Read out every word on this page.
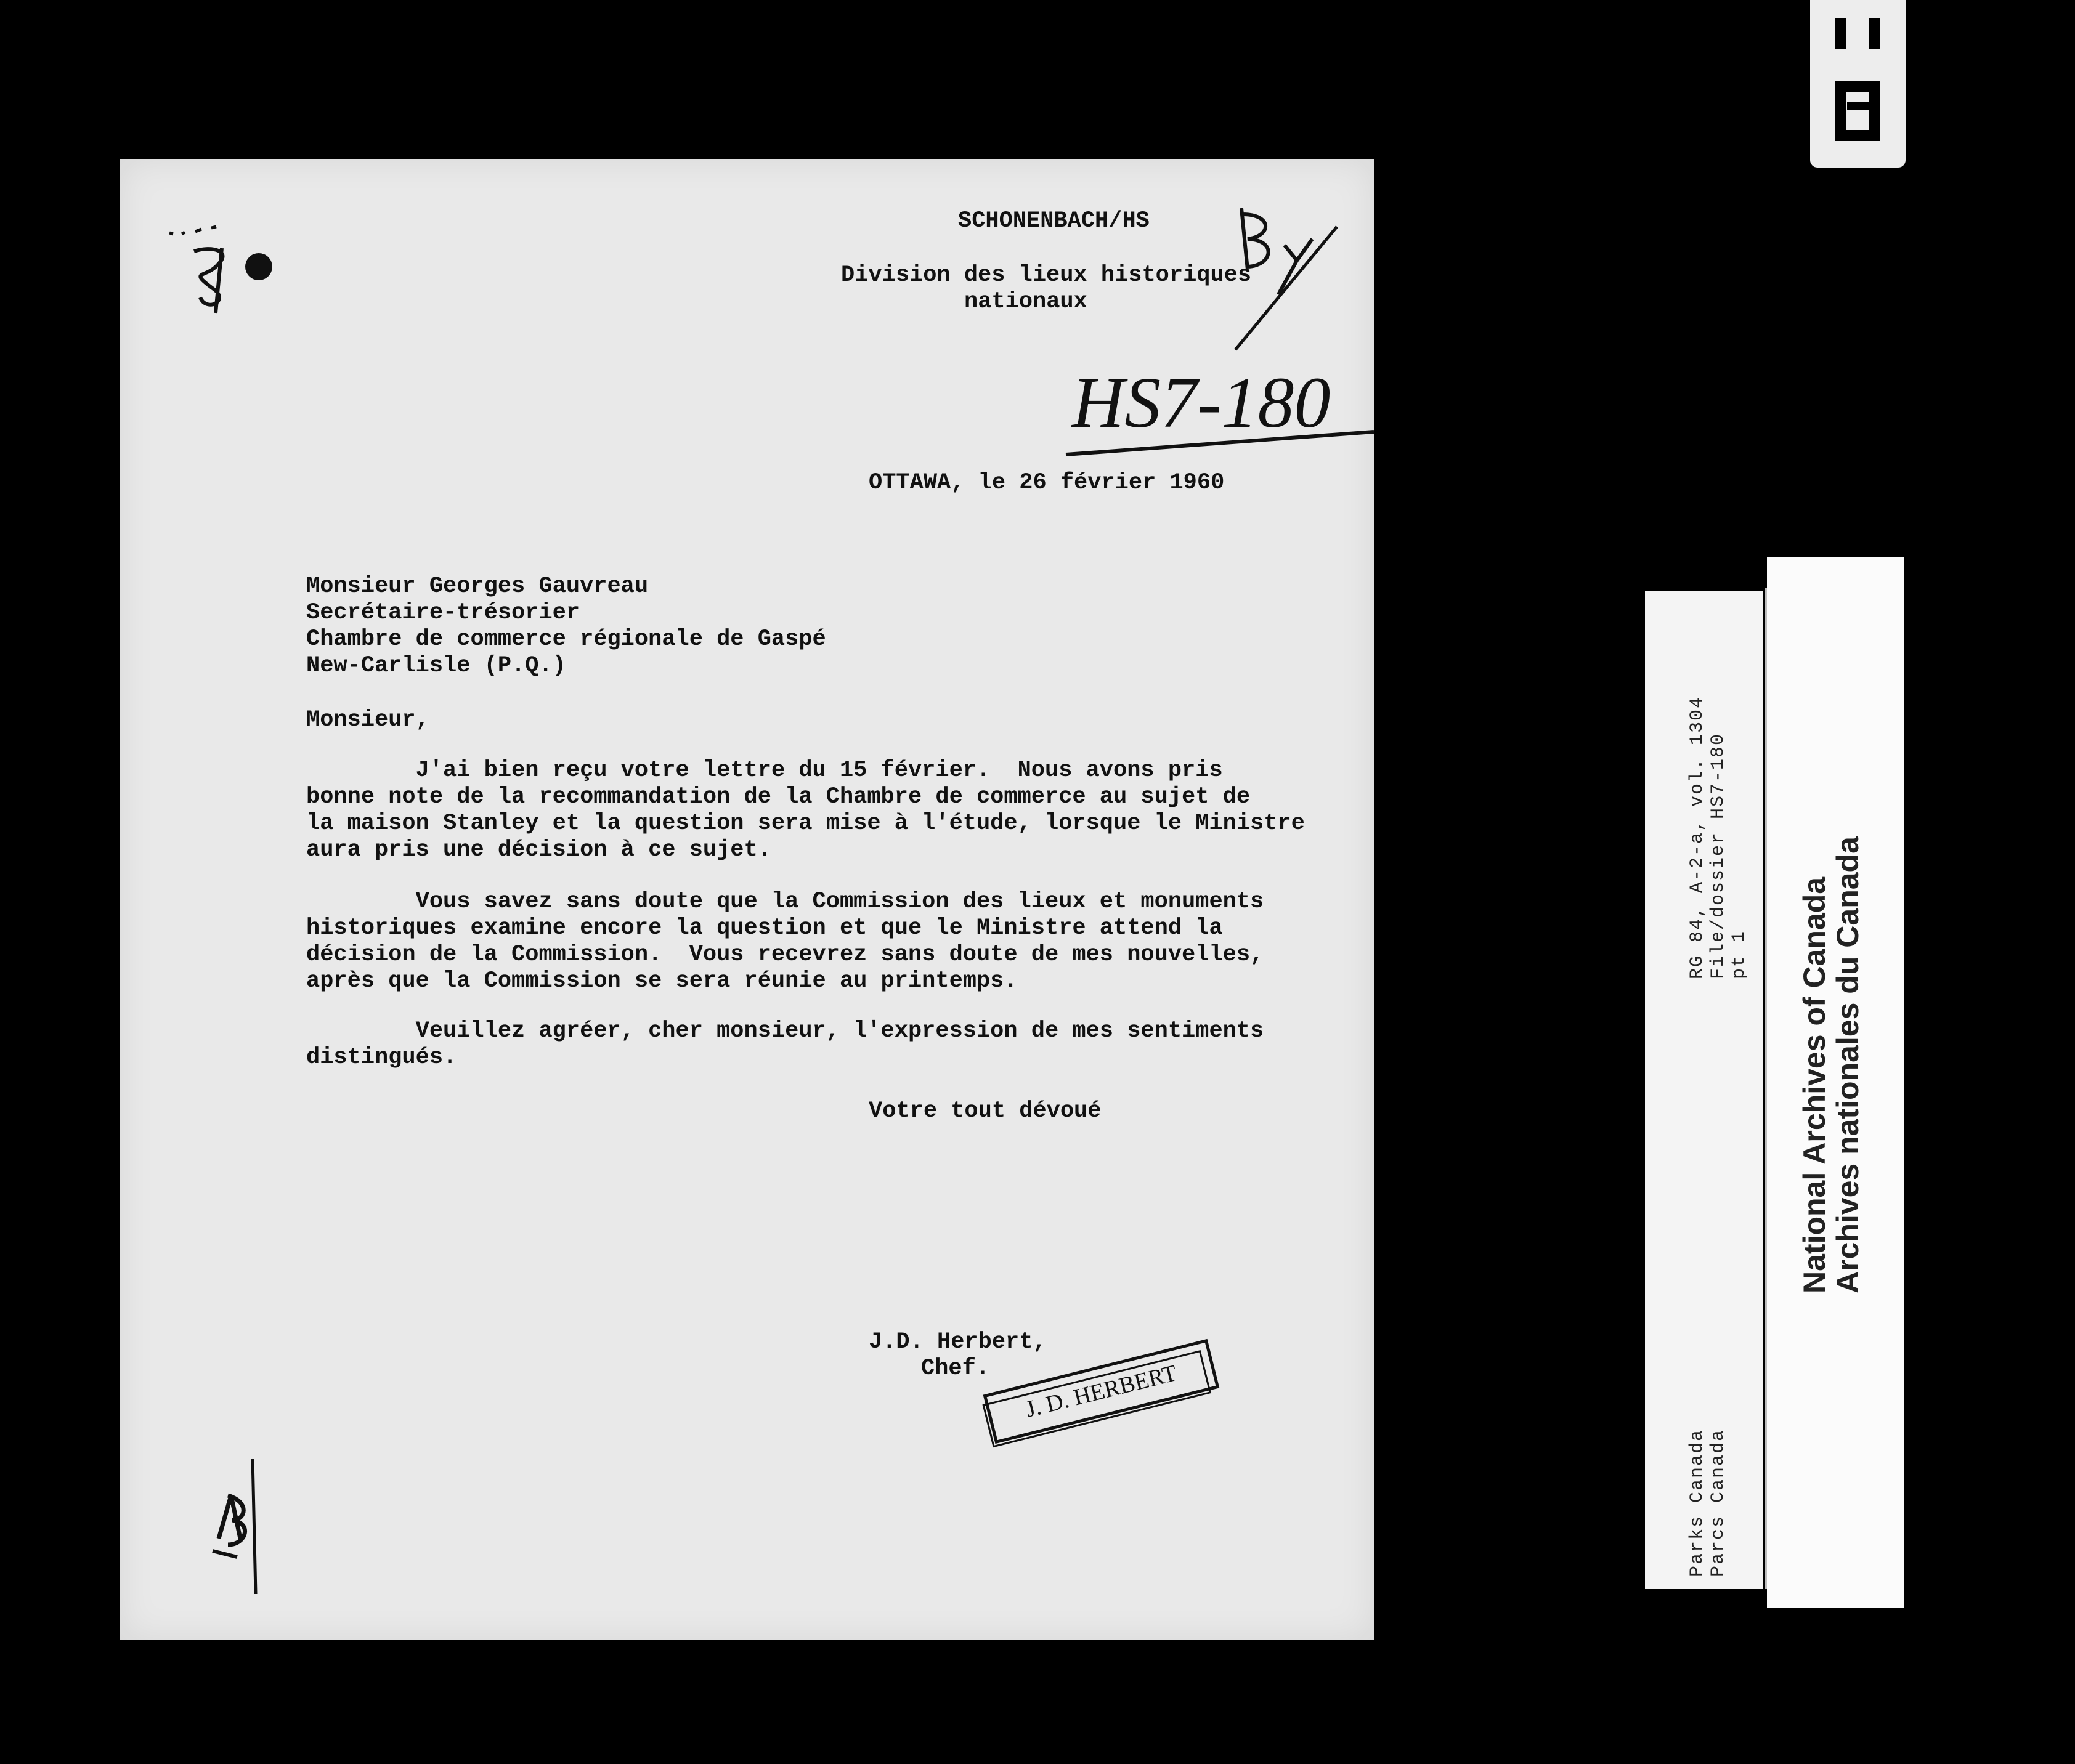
SCHONENBACH/HS
Division des lieux historiques
nationaux
HS7-180
OTTAWA, le 26 février 1960
Monsieur Georges Gauvreau
Secrétaire-trésorier
Chambre de commerce régionale de Gaspé
New-Carlisle (P.Q.)
Monsieur,
J'ai bien reçu votre lettre du 15 février.  Nous avons pris
bonne note de la recommandation de la Chambre de commerce au sujet de
la maison Stanley et la question sera mise à l'étude, lorsque le Ministre
aura pris une décision à ce sujet.
Vous savez sans doute que la Commission des lieux et monuments
historiques examine encore la question et que le Ministre attend la
décision de la Commission.  Vous recevrez sans doute de mes nouvelles,
après que la Commission se sera réunie au printemps.
Veuillez agréer, cher monsieur, l'expression de mes sentiments
distingués.
Votre tout dévoué
J. D. HERBERT
J.D. Herbert,
Chef.
RG 84, A-2-a, vol. 1304 File/dossier HS7-180 pt 1
Parks Canada Parcs Canada
National Archives of Canada
Archives nationales du Canada
